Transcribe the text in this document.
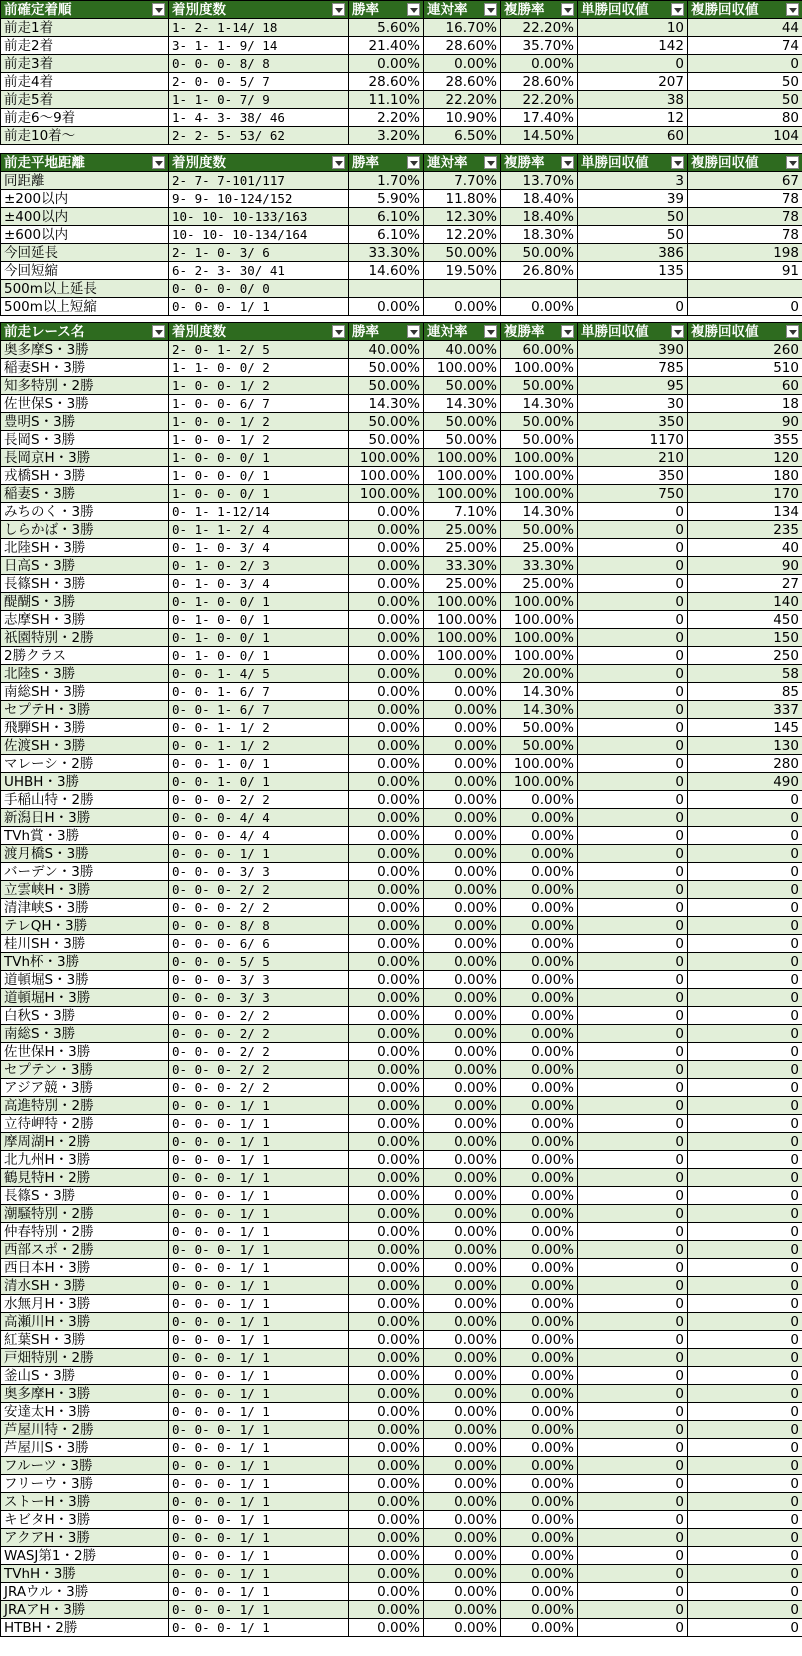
前確定着順	着別度数	勝率	連対率	複勝率	単勝回収値	複勝回収値

前走1着	1- 2- 1-14/ 18	5.60%	16.70%	22.20%	10	44
前走2着	3- 1- 1- 9/ 14	21.40%	28.60%	35.70%	142	74
前走3着	0- 0- 0- 8/ 8	0.00%	0.00%	0.00%	0	0
前走4着	2- 0- 0- 5/ 7	28.60%	28.60%	28.60%	207	50
前走5着	1- 1- 0- 7/ 9	11.10%	22.20%	22.20%	38	50
前走6～9着	1- 4- 3- 38/ 46	2.20%	10.90%	17.40%	12	80
前走10着～	2- 2- 5- 53/ 62	3.20%	6.50%	14.50%	60	104
前走平地距離	着別度数	勝率	連対率	複勝率	単勝回収値	複勝回収値

同距離	2- 7- 7-101/117	1.70%	7.70%	13.70%	3	67
±200以内	9- 9- 10-124/152	5.90%	11.80%	18.40%	39	78
±400以内	10- 10- 10-133/163	6.10%	12.30%	18.40%	50	78
±600以内	10- 10- 10-134/164	6.10%	12.20%	18.30%	50	78
今回延長	2- 1- 0- 3/ 6	33.30%	50.00%	50.00%	386	198
今回短縮	6- 2- 3- 30/ 41	14.60%	19.50%	26.80%	135	91
500m以上延長	0- 0- 0- 0/ 0					
500m以上短縮	0- 0- 0- 1/ 1	0.00%	0.00%	0.00%	0	0
前走レース名	着別度数	勝率	連対率	複勝率	単勝回収値	複勝回収値

奥多摩S・3勝	2- 0- 1- 2/ 5	40.00%	40.00%	60.00%	390	260
稲妻SH・3勝	1- 1- 0- 0/ 2	50.00%	100.00%	100.00%	785	510
知多特別・2勝	1- 0- 0- 1/ 2	50.00%	50.00%	50.00%	95	60
佐世保S・3勝	1- 0- 0- 6/ 7	14.30%	14.30%	14.30%	30	18
豊明S・3勝	1- 0- 0- 1/ 2	50.00%	50.00%	50.00%	350	90
長岡S・3勝	1- 0- 0- 1/ 2	50.00%	50.00%	50.00%	1170	355
長岡京H・3勝	1- 0- 0- 0/ 1	100.00%	100.00%	100.00%	210	120
戎橋SH・3勝	1- 0- 0- 0/ 1	100.00%	100.00%	100.00%	350	180
稲妻S・3勝	1- 0- 0- 0/ 1	100.00%	100.00%	100.00%	750	170
みちのく・3勝	0- 1- 1-12/14	0.00%	7.10%	14.30%	0	134
しらかば・3勝	0- 1- 1- 2/ 4	0.00%	25.00%	50.00%	0	235
北陸SH・3勝	0- 1- 0- 3/ 4	0.00%	25.00%	25.00%	0	40
日高S・3勝	0- 1- 0- 2/ 3	0.00%	33.30%	33.30%	0	90
長篠SH・3勝	0- 1- 0- 3/ 4	0.00%	25.00%	25.00%	0	27
醍醐S・3勝	0- 1- 0- 0/ 1	0.00%	100.00%	100.00%	0	140
志摩SH・3勝	0- 1- 0- 0/ 1	0.00%	100.00%	100.00%	0	450
祇園特別・2勝	0- 1- 0- 0/ 1	0.00%	100.00%	100.00%	0	150
2勝クラス	0- 1- 0- 0/ 1	0.00%	100.00%	100.00%	0	250
北陸S・3勝	0- 0- 1- 4/ 5	0.00%	0.00%	20.00%	0	58
南総SH・3勝	0- 0- 1- 6/ 7	0.00%	0.00%	14.30%	0	85
セプテH・3勝	0- 0- 1- 6/ 7	0.00%	0.00%	14.30%	0	337
飛騨SH・3勝	0- 0- 1- 1/ 2	0.00%	0.00%	50.00%	0	145
佐渡SH・3勝	0- 0- 1- 1/ 2	0.00%	0.00%	50.00%	0	130
マレーシ・2勝	0- 0- 1- 0/ 1	0.00%	0.00%	100.00%	0	280
UHBH・3勝	0- 0- 1- 0/ 1	0.00%	0.00%	100.00%	0	490
手稲山特・2勝	0- 0- 0- 2/ 2	0.00%	0.00%	0.00%	0	0
新潟日H・3勝	0- 0- 0- 4/ 4	0.00%	0.00%	0.00%	0	0
TVh賞・3勝	0- 0- 0- 4/ 4	0.00%	0.00%	0.00%	0	0
渡月橋S・3勝	0- 0- 0- 1/ 1	0.00%	0.00%	0.00%	0	0
バーデン・3勝	0- 0- 0- 3/ 3	0.00%	0.00%	0.00%	0	0
立雲峡H・3勝	0- 0- 0- 2/ 2	0.00%	0.00%	0.00%	0	0
清津峡S・3勝	0- 0- 0- 2/ 2	0.00%	0.00%	0.00%	0	0
テレQH・3勝	0- 0- 0- 8/ 8	0.00%	0.00%	0.00%	0	0
桂川SH・3勝	0- 0- 0- 6/ 6	0.00%	0.00%	0.00%	0	0
TVh杯・3勝	0- 0- 0- 5/ 5	0.00%	0.00%	0.00%	0	0
道頓堀S・3勝	0- 0- 0- 3/ 3	0.00%	0.00%	0.00%	0	0
道頓堀H・3勝	0- 0- 0- 3/ 3	0.00%	0.00%	0.00%	0	0
白秋S・3勝	0- 0- 0- 2/ 2	0.00%	0.00%	0.00%	0	0
南総S・3勝	0- 0- 0- 2/ 2	0.00%	0.00%	0.00%	0	0
佐世保H・3勝	0- 0- 0- 2/ 2	0.00%	0.00%	0.00%	0	0
セプテン・3勝	0- 0- 0- 2/ 2	0.00%	0.00%	0.00%	0	0
アジア競・3勝	0- 0- 0- 2/ 2	0.00%	0.00%	0.00%	0	0
高進特別・2勝	0- 0- 0- 1/ 1	0.00%	0.00%	0.00%	0	0
立待岬特・2勝	0- 0- 0- 1/ 1	0.00%	0.00%	0.00%	0	0
摩周湖H・2勝	0- 0- 0- 1/ 1	0.00%	0.00%	0.00%	0	0
北九州H・3勝	0- 0- 0- 1/ 1	0.00%	0.00%	0.00%	0	0
鶴見特H・2勝	0- 0- 0- 1/ 1	0.00%	0.00%	0.00%	0	0
長篠S・3勝	0- 0- 0- 1/ 1	0.00%	0.00%	0.00%	0	0
潮騒特別・2勝	0- 0- 0- 1/ 1	0.00%	0.00%	0.00%	0	0
仲春特別・2勝	0- 0- 0- 1/ 1	0.00%	0.00%	0.00%	0	0
西部スポ・2勝	0- 0- 0- 1/ 1	0.00%	0.00%	0.00%	0	0
西日本H・3勝	0- 0- 0- 1/ 1	0.00%	0.00%	0.00%	0	0
清水SH・3勝	0- 0- 0- 1/ 1	0.00%	0.00%	0.00%	0	0
水無月H・3勝	0- 0- 0- 1/ 1	0.00%	0.00%	0.00%	0	0
高瀬川H・3勝	0- 0- 0- 1/ 1	0.00%	0.00%	0.00%	0	0
紅葉SH・3勝	0- 0- 0- 1/ 1	0.00%	0.00%	0.00%	0	0
戸畑特別・2勝	0- 0- 0- 1/ 1	0.00%	0.00%	0.00%	0	0
釜山S・3勝	0- 0- 0- 1/ 1	0.00%	0.00%	0.00%	0	0
奥多摩H・3勝	0- 0- 0- 1/ 1	0.00%	0.00%	0.00%	0	0
安達太H・3勝	0- 0- 0- 1/ 1	0.00%	0.00%	0.00%	0	0
芦屋川特・2勝	0- 0- 0- 1/ 1	0.00%	0.00%	0.00%	0	0
芦屋川S・3勝	0- 0- 0- 1/ 1	0.00%	0.00%	0.00%	0	0
フルーツ・3勝	0- 0- 0- 1/ 1	0.00%	0.00%	0.00%	0	0
フリーウ・3勝	0- 0- 0- 1/ 1	0.00%	0.00%	0.00%	0	0
ストーH・3勝	0- 0- 0- 1/ 1	0.00%	0.00%	0.00%	0	0
キビタH・3勝	0- 0- 0- 1/ 1	0.00%	0.00%	0.00%	0	0
アクアH・3勝	0- 0- 0- 1/ 1	0.00%	0.00%	0.00%	0	0
WASJ第1・2勝	0- 0- 0- 1/ 1	0.00%	0.00%	0.00%	0	0
TVhH・3勝	0- 0- 0- 1/ 1	0.00%	0.00%	0.00%	0	0
JRAウル・3勝	0- 0- 0- 1/ 1	0.00%	0.00%	0.00%	0	0
JRAアH・3勝	0- 0- 0- 1/ 1	0.00%	0.00%	0.00%	0	0
HTBH・2勝	0- 0- 0- 1/ 1	0.00%	0.00%	0.00%	0	0
